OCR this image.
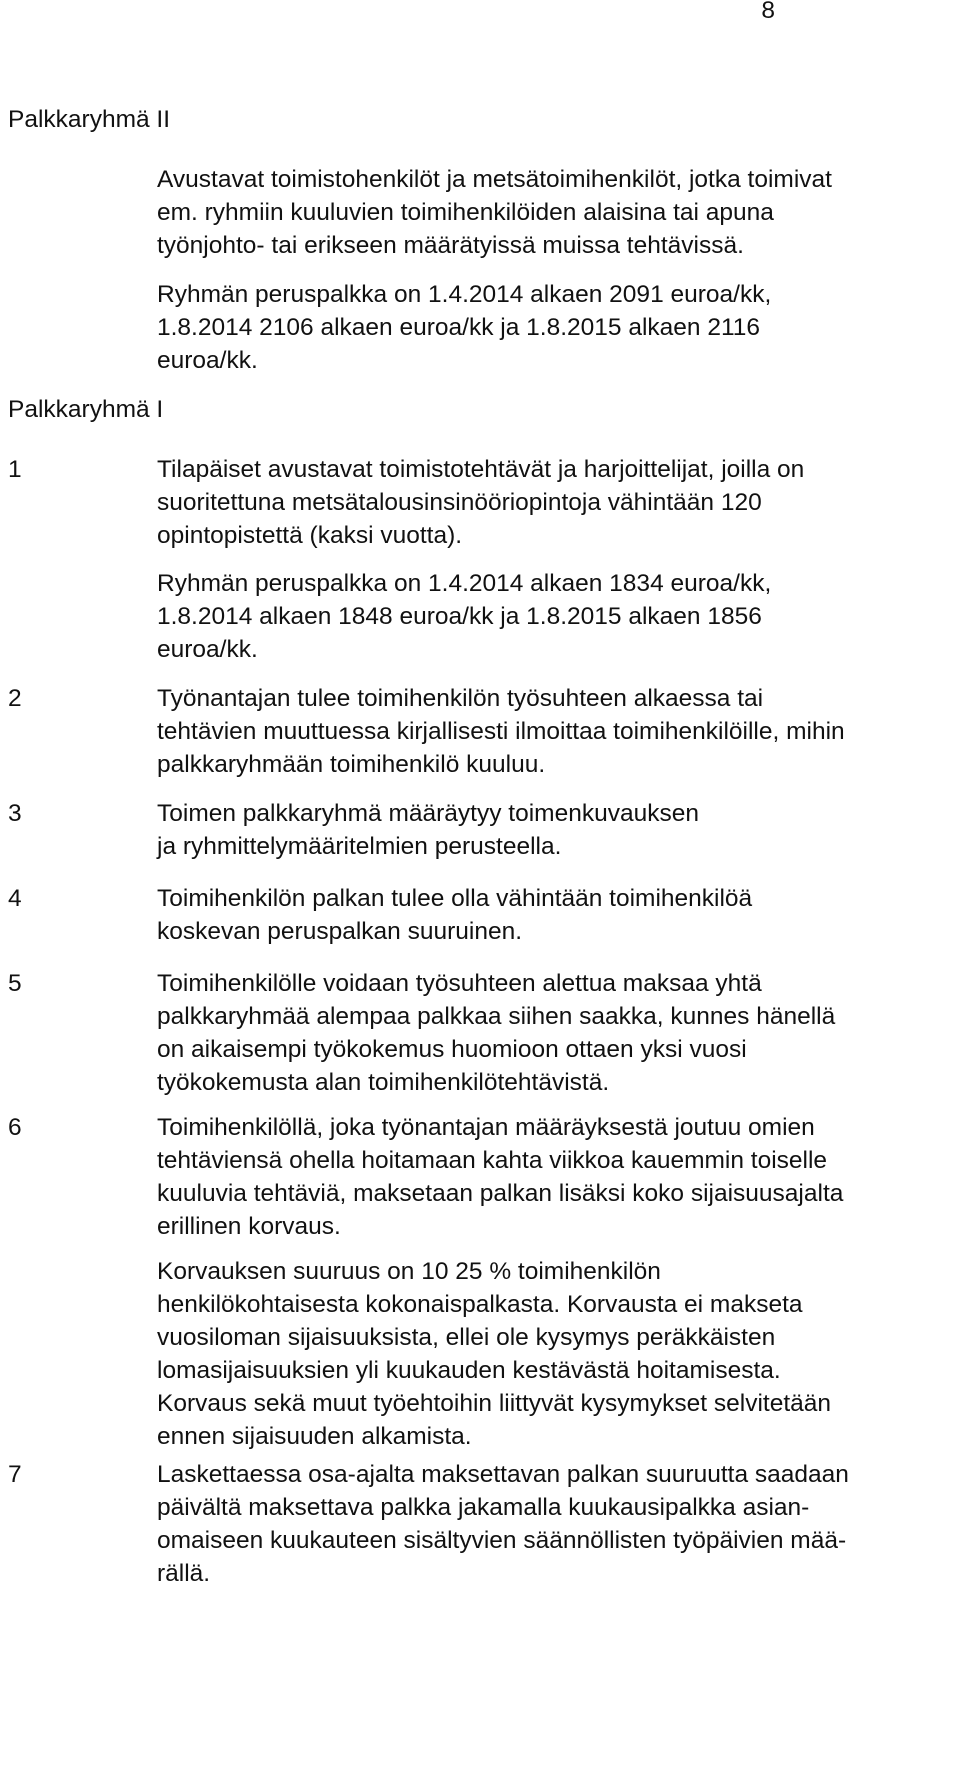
8
Palkkaryhmä II
Avustavat toimistohenkilöt ja metsätoimihenkilöt, jotka toimivat
em. ryhmiin kuuluvien toimihenkilöiden alaisina tai apuna
työnjohto- tai erikseen määrätyissä muissa tehtävissä.
Ryhmän peruspalkka on 1.4.2014 alkaen 2091 euroa/kk,
1.8.2014 2106 alkaen euroa/kk ja 1.8.2015 alkaen 2116
euroa/kk.
Palkkaryhmä I
1	Tilapäiset avustavat toimistotehtävät ja harjoittelijat, joilla on
suoritettuna metsätalousinsinööriopintoja vähintään 120
opintopistettä (kaksi vuotta).
Ryhmän peruspalkka on 1.4.2014 alkaen 1834 euroa/kk,
1.8.2014 alkaen 1848 euroa/kk ja 1.8.2015 alkaen 1856
euroa/kk.
2	Työnantajan tulee toimihenkilön työsuhteen alkaessa tai
tehtävien muuttuessa kirjallisesti ilmoittaa toimihenkilöille, mihin
palkkaryhmään toimihenkilö kuuluu.
3	Toimen palkkaryhmä määräytyy toimenkuvauksen
ja ryhmittelymääritelmien perusteella.
4	Toimihenkilön palkan tulee olla vähintään toimihenkilöä
koskevan peruspalkan suuruinen.
5	Toimihenkilölle voidaan työsuhteen alettua maksaa yhtä
palkkaryhmää alempaa palkkaa siihen saakka, kunnes hänellä
on aikaisempi työkokemus huomioon ottaen yksi vuosi
työkokemusta alan toimihenkilötehtävistä.
6	Toimihenkilöllä, joka työnantajan määräyksestä joutuu omien
tehtäviensä ohella hoitamaan kahta viikkoa kauemmin toiselle
kuuluvia tehtäviä, maksetaan palkan lisäksi koko sijaisuusajalta
erillinen korvaus.
Korvauksen suuruus on 10 25 % toimihenkilön
henkilökohtaisesta kokonaispalkasta. Korvausta ei makseta
vuosiloman sijaisuuksista, ellei ole kysymys peräkkäisten
lomasijaisuuksien yli kuukauden kestävästä hoitamisesta.
Korvaus sekä muut työehtoihin liittyvät kysymykset selvitetään
ennen sijaisuuden alkamista.
7	Laskettaessa osa-ajalta maksettavan palkan suuruutta saadaan
päivältä maksettava palkka jakamalla kuukausipalkka asian-
omaiseen kuukauteen sisältyvien säännöllisten työpäivien mää-
rällä.
